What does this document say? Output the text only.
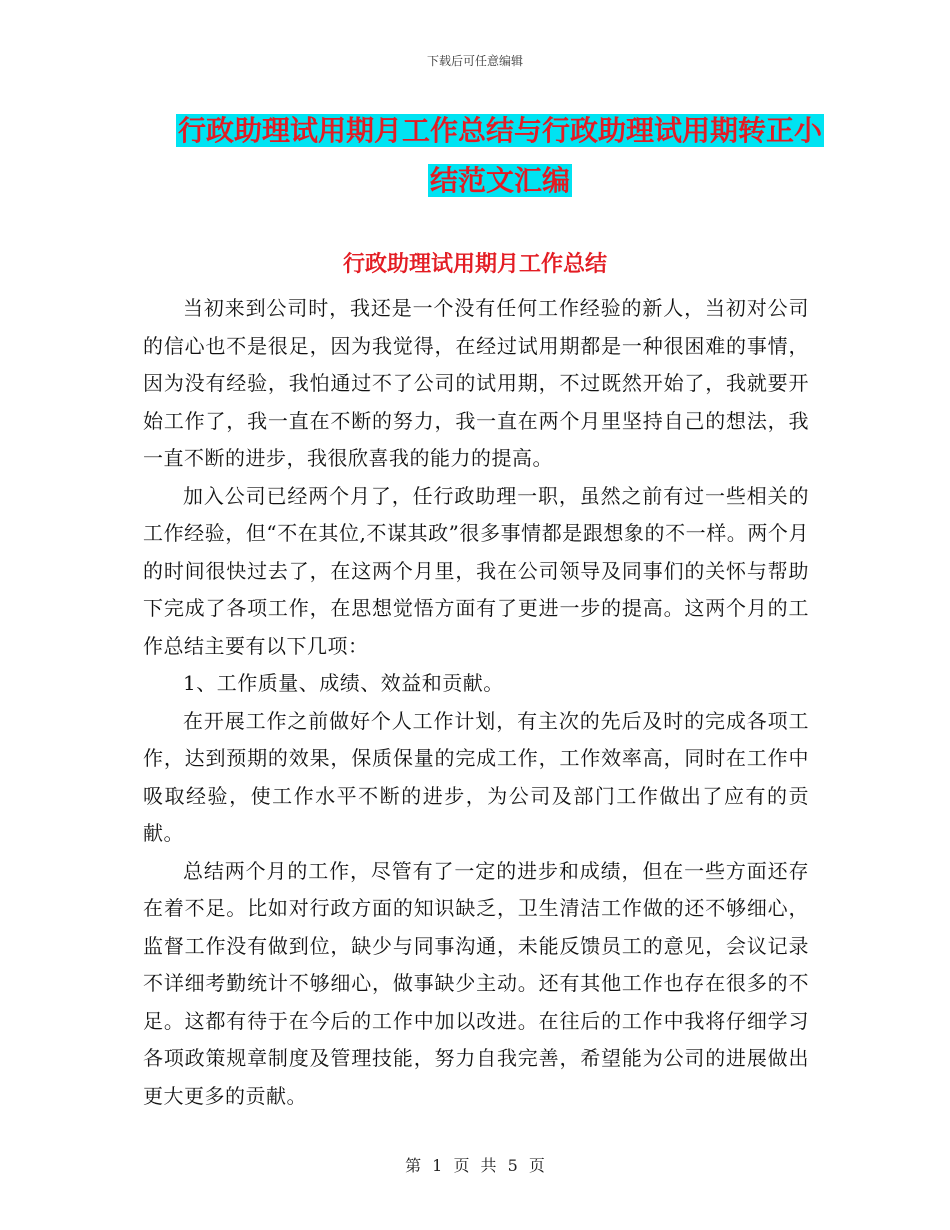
下载后可任意编辑
行政助理试用期月工作总结与行政助理试用期转正小
结范文汇编
行政助理试用期月工作总结

当初来到公司时，我还是一个没有任何工作经验的新人，当初对公司的信心也不是很足，因为我觉得，在经过试用期都是一种很困难的事情，因为没有经验，我怕通过不了公司的试用期，不过既然开始了，我就要开始工作了，我一直在不断的努力，我一直在两个月里坚持自己的想法，我一直不断的进步，我很欣喜我的能力的提高。

加入公司已经两个月了，任行政助理一职，虽然之前有过一些相关的工作经验，但“不在其位,不谋其政”很多事情都是跟想象的不一样。两个月的时间很快过去了，在这两个月里，我在公司领导及同事们的关怀与帮助下完成了各项工作，在思想觉悟方面有了更进一步的提高。这两个月的工作总结主要有以下几项：

1、工作质量、成绩、效益和贡献。

在开展工作之前做好个人工作计划，有主次的先后及时的完成各项工作，达到预期的效果，保质保量的完成工作，工作效率高，同时在工作中吸取经验，使工作水平不断的进步，为公司及部门工作做出了应有的贡献。

总结两个月的工作，尽管有了一定的进步和成绩，但在一些方面还存在着不足。比如对行政方面的知识缺乏，卫生清洁工作做的还不够细心，监督工作没有做到位，缺少与同事沟通，未能反馈员工的意见，会议记录不详细考勤统计不够细心，做事缺少主动。还有其他工作也存在很多的不足。这都有待于在今后的工作中加以改进。在往后的工作中我将仔细学习各项政策规章制度及管理技能，努力自我完善，希望能为公司的进展做出更大更多的贡献。

第 1 页 共 5 页
